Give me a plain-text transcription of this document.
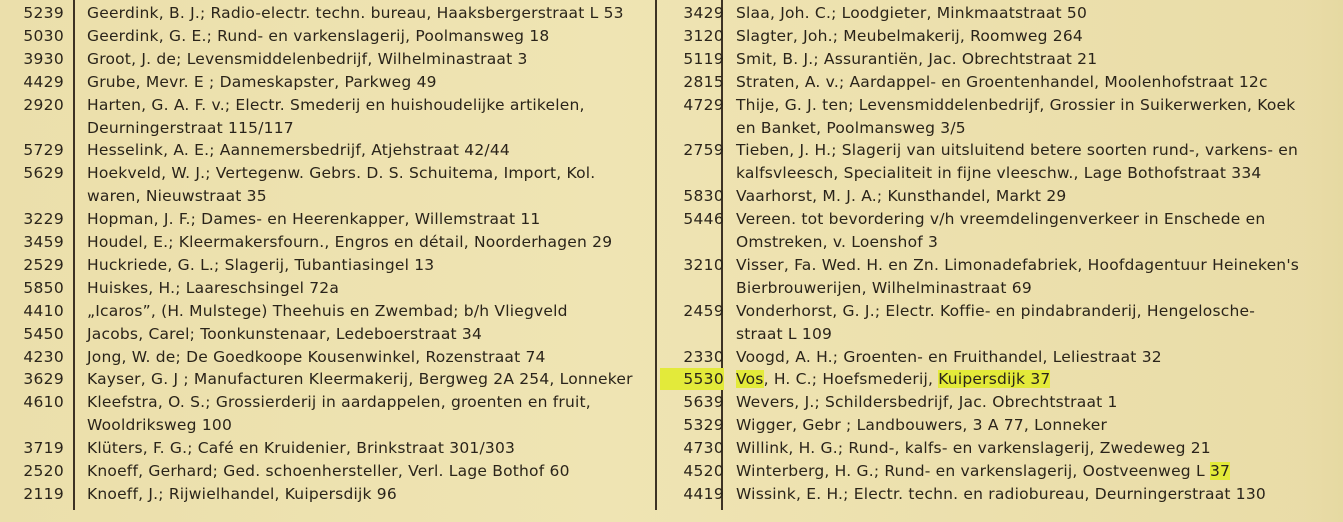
5239 Geerdink, B. J.; Radio-electr. techn. bureau, Haaksbergerstraat L 53
5030 Geerdink, G. E.; Rund- en varkenslagerij, Poolmansweg 18
3930 Groot, J. de; Levensmiddelenbedrijf, Wilhelminastraat 3
4429 Grube, Mevr. E ; Dameskapster, Parkweg 49
2920 Harten, G. A. F. v.; Electr. Smederij en huishoudelijke artikelen,
Deurningerstraat 115/117
5729 Hesselink, A. E.; Aannemersbedrijf, Atjehstraat 42/44
5629 Hoekveld, W. J.; Vertegenw. Gebrs. D. S. Schuitema, Import, Kol.
waren, Nieuwstraat 35
3229 Hopman, J. F.; Dames- en Heerenkapper, Willemstraat 11
3459 Houdel, E.; Kleermakersfourn., Engros en détail, Noorderhagen 29
2529 Huckriede, G. L.; Slagerij, Tubantiasingel 13
5850 Huiskes, H.; Laareschsingel 72a
4410 „Icaros”, (H. Mulstege) Theehuis en Zwembad; b/h Vliegveld
5450 Jacobs, Carel; Toonkunstenaar, Ledeboerstraat 34
4230 Jong, W. de; De Goedkoope Kousenwinkel, Rozenstraat 74
3629 Kayser, G. J ; Manufacturen Kleermakerij, Bergweg 2A 254, Lonneker
4610 Kleefstra, O. S.; Grossierderij in aardappelen, groenten en fruit,
Wooldriksweg 100
3719 Klüters, F. G.; Café en Kruidenier, Brinkstraat 301/303
2520 Knoeff, Gerhard; Ged. schoenhersteller, Verl. Lage Bothof 60
2119 Knoeff, J.; Rijwielhandel, Kuipersdijk 96
3429 Slaa, Joh. C.; Loodgieter, Minkmaatstraat 50
3120 Slagter, Joh.; Meubelmakerij, Roomweg 264
5119 Smit, B. J.; Assurantiën, Jac. Obrechtstraat 21
2815 Straten, A. v.; Aardappel- en Groentenhandel, Moolenhofstraat 12c
4729 Thije, G. J. ten; Levensmiddelenbedrijf, Grossier in Suikerwerken, Koek
en Banket, Poolmansweg 3/5
2759 Tieben, J. H.; Slagerij van uitsluitend betere soorten rund-, varkens- en
kalfsvleesch, Specialiteit in fijne vleeschw., Lage Bothofstraat 334
5830 Vaarhorst, M. J. A.; Kunsthandel, Markt 29
5446 Vereen. tot bevordering v/h vreemdelingenverkeer in Enschede en
Omstreken, v. Loenshof 3
3210 Visser, Fa. Wed. H. en Zn. Limonadefabriek, Hoofdagentuur Heineken's
Bierbrouwerijen, Wilhelminastraat 69
2459 Vonderhorst, G. J.; Electr. Koffie- en pindabranderij, Hengelosche-
straat L 109
2330 Voogd, A. H.; Groenten- en Fruithandel, Leliestraat 32
5530 Vos, H. C.; Hoefsmederij, Kuipersdijk 37
5639 Wevers, J.; Schildersbedrijf, Jac. Obrechtstraat 1
5329 Wigger, Gebr ; Landbouwers, 3 A 77, Lonneker
4730 Willink, H. G.; Rund-, kalfs- en varkenslagerij, Zwedeweg 21
4520 Winterberg, H. G.; Rund- en varkenslagerij, Oostveenweg L 37
4419 Wissink, E. H.; Electr. techn. en radiobureau, Deurningerstraat 130
